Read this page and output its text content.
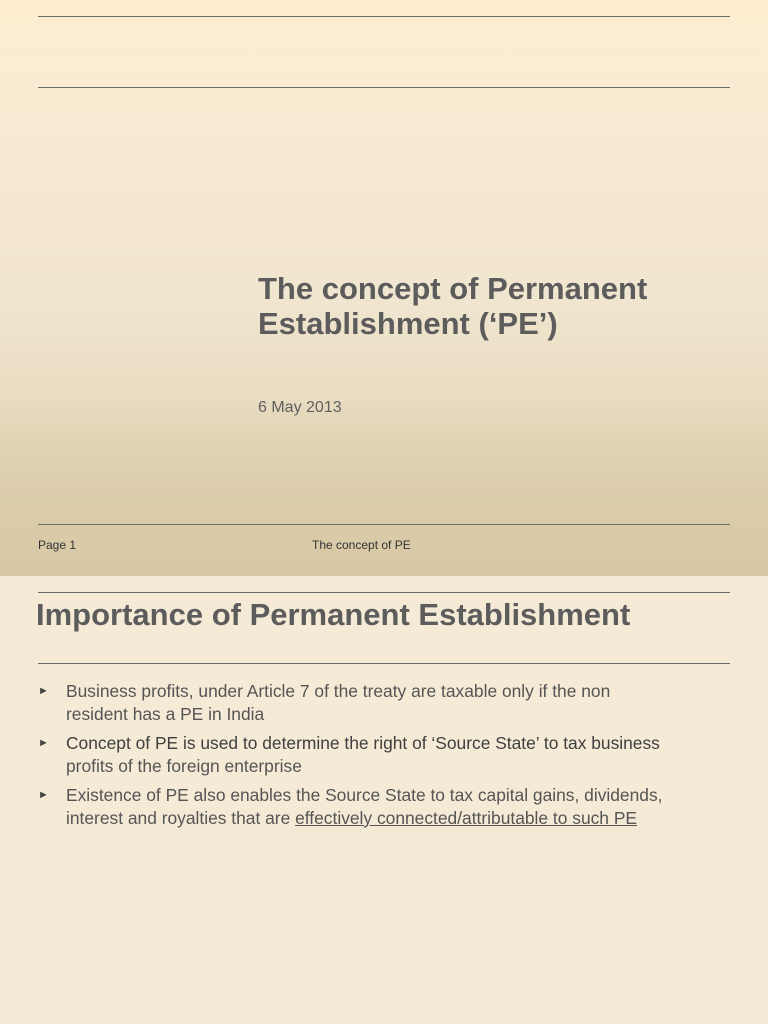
The concept of Permanent
Establishment (‘PE’)
6 May 2013
Page 1	The concept of PE
Importance of Permanent Establishment
► Business profits, under Article 7 of the treaty are taxable only if the non
resident has a PE in India
► Concept of PE is used to determine the right of ‘Source State’ to tax business
profits of the foreign enterprise
► Existence of PE also enables the Source State to tax capital gains, dividends,
interest and royalties that are effectively connected/attributable to such PE
